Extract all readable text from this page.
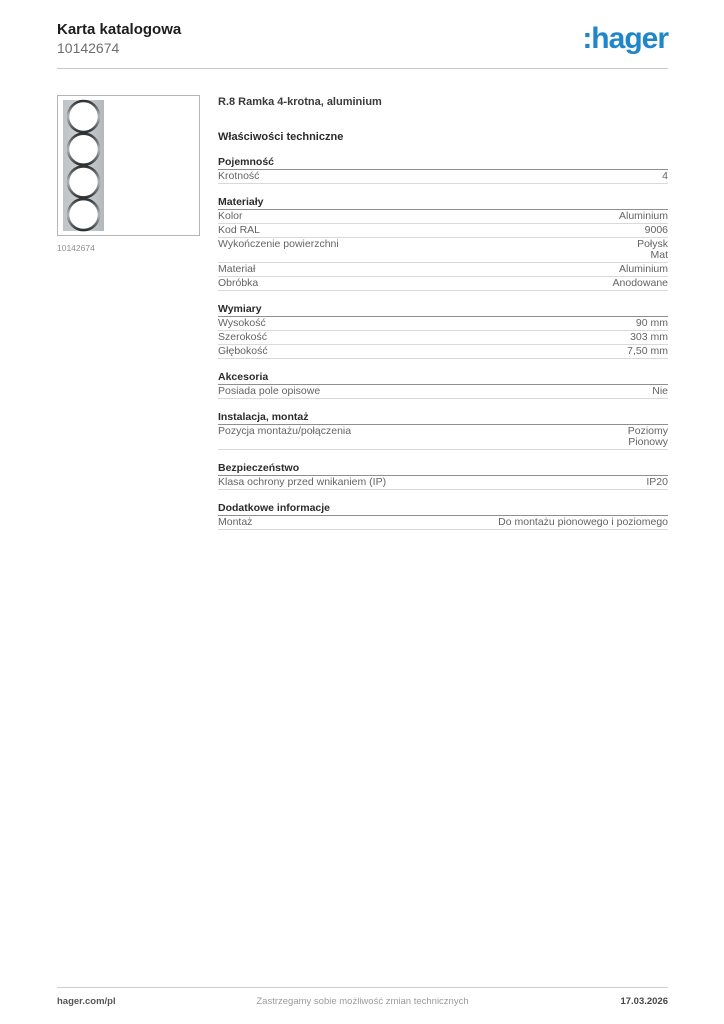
Karta katalogowa
10142674	:hager
10142674
R.8 Ramka 4-krotna, aluminium
Właściwości techniczne
Pojemność
Krotność	4
Materiały
Kolor	Aluminium
Kod RAL	9006
Wykończenie powierzchni	Połysk
Mat
Materiał	Aluminium
Obróbka	Anodowane
Wymiary
Wysokość	90 mm
Szerokość	303 mm
Głębokość	7,50 mm
Akcesoria
Posiada pole opisowe	Nie
Instalacja, montaż
Pozycja montażu/połączenia	Poziomy
Pionowy
Bezpieczeństwo
Klasa ochrony przed wnikaniem (IP)	IP20
Dodatkowe informacje
Montaż	Do montażu pionowego i poziomego
hager.com/pl	Zastrzegamy sobie możliwość zmian technicznych	17.03.2026
